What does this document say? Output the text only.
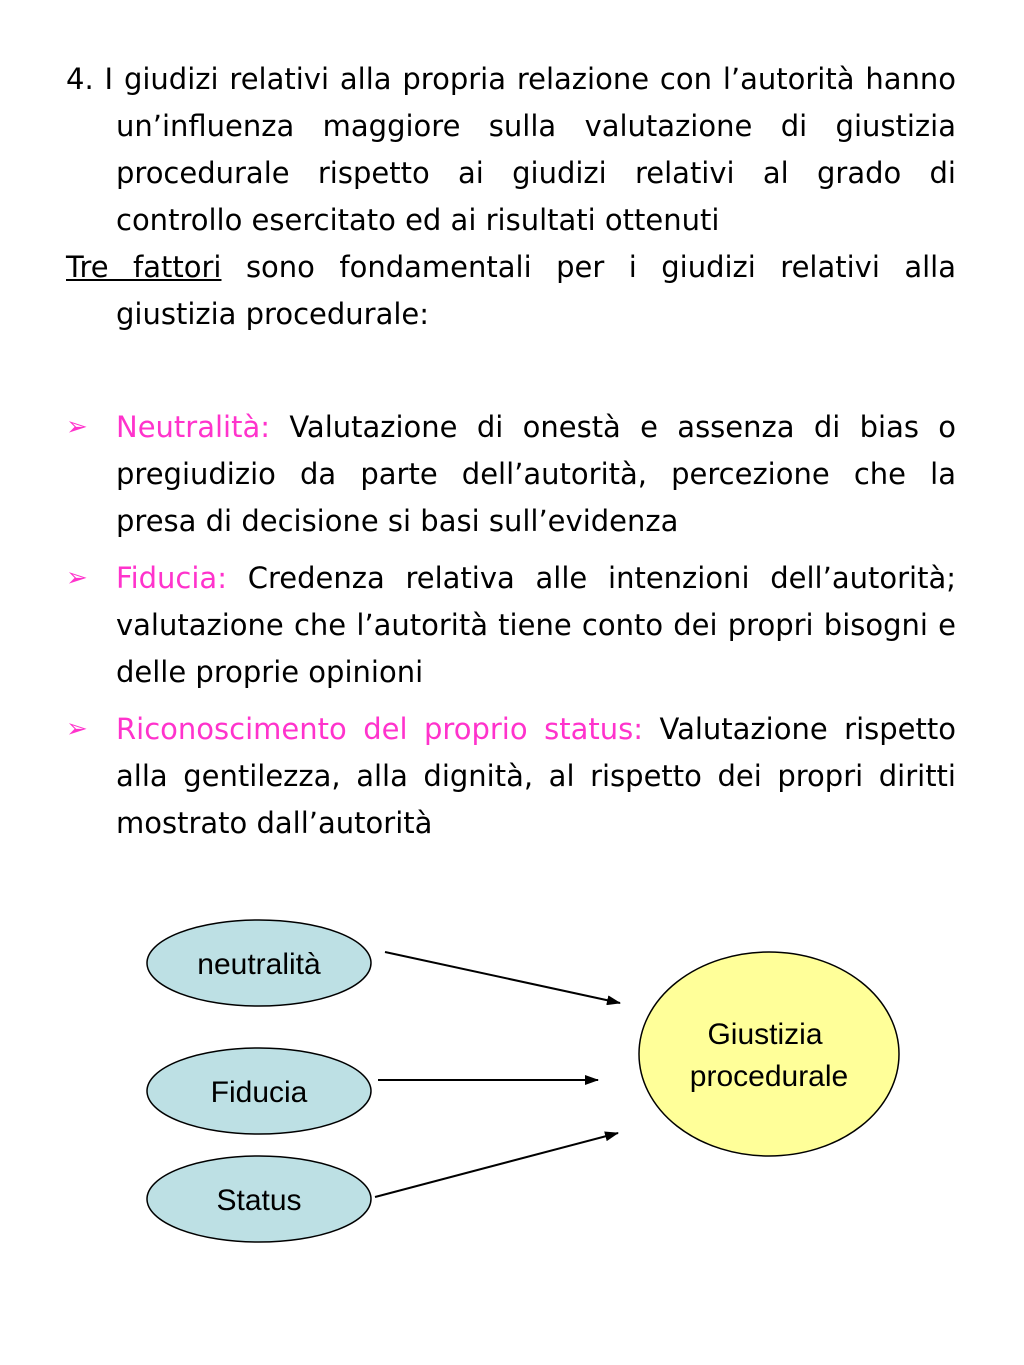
4. I giudizi relativi alla propria relazione con l’autorità hanno un’influenza maggiore sulla valutazione di giustizia procedurale rispetto ai giudizi relativi al grado di controllo esercitato ed ai risultati ottenuti
Tre fattori sono fondamentali per i giudizi relativi alla giustizia procedurale:
➢ Neutralità: Valutazione di onestà e assenza di bias o pregiudizio da parte dell’autorità, percezione che la presa di decisione si basi sull’evidenza
➢ Fiducia: Credenza relativa alle intenzioni dell’autorità; valutazione che l’autorità tiene conto dei propri bisogni e delle proprie opinioni
➢ Riconoscimento del proprio status: Valutazione rispetto alla gentilezza, alla dignità, al rispetto dei propri diritti mostrato dall’autorità
neutralità
Fiducia
Status
Giustizia
procedurale
